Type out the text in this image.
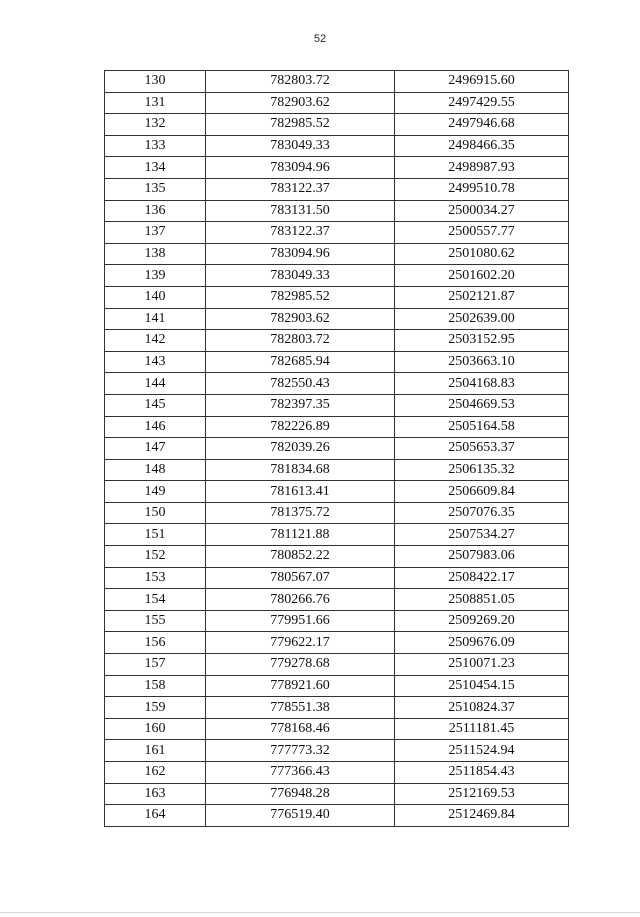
52
130	782803.72	2496915.60
131	782903.62	2497429.55
132	782985.52	2497946.68
133	783049.33	2498466.35
134	783094.96	2498987.93
135	783122.37	2499510.78
136	783131.50	2500034.27
137	783122.37	2500557.77
138	783094.96	2501080.62
139	783049.33	2501602.20
140	782985.52	2502121.87
141	782903.62	2502639.00
142	782803.72	2503152.95
143	782685.94	2503663.10
144	782550.43	2504168.83
145	782397.35	2504669.53
146	782226.89	2505164.58
147	782039.26	2505653.37
148	781834.68	2506135.32
149	781613.41	2506609.84
150	781375.72	2507076.35
151	781121.88	2507534.27
152	780852.22	2507983.06
153	780567.07	2508422.17
154	780266.76	2508851.05
155	779951.66	2509269.20
156	779622.17	2509676.09
157	779278.68	2510071.23
158	778921.60	2510454.15
159	778551.38	2510824.37
160	778168.46	2511181.45
161	777773.32	2511524.94
162	777366.43	2511854.43
163	776948.28	2512169.53
164	776519.40	2512469.84
